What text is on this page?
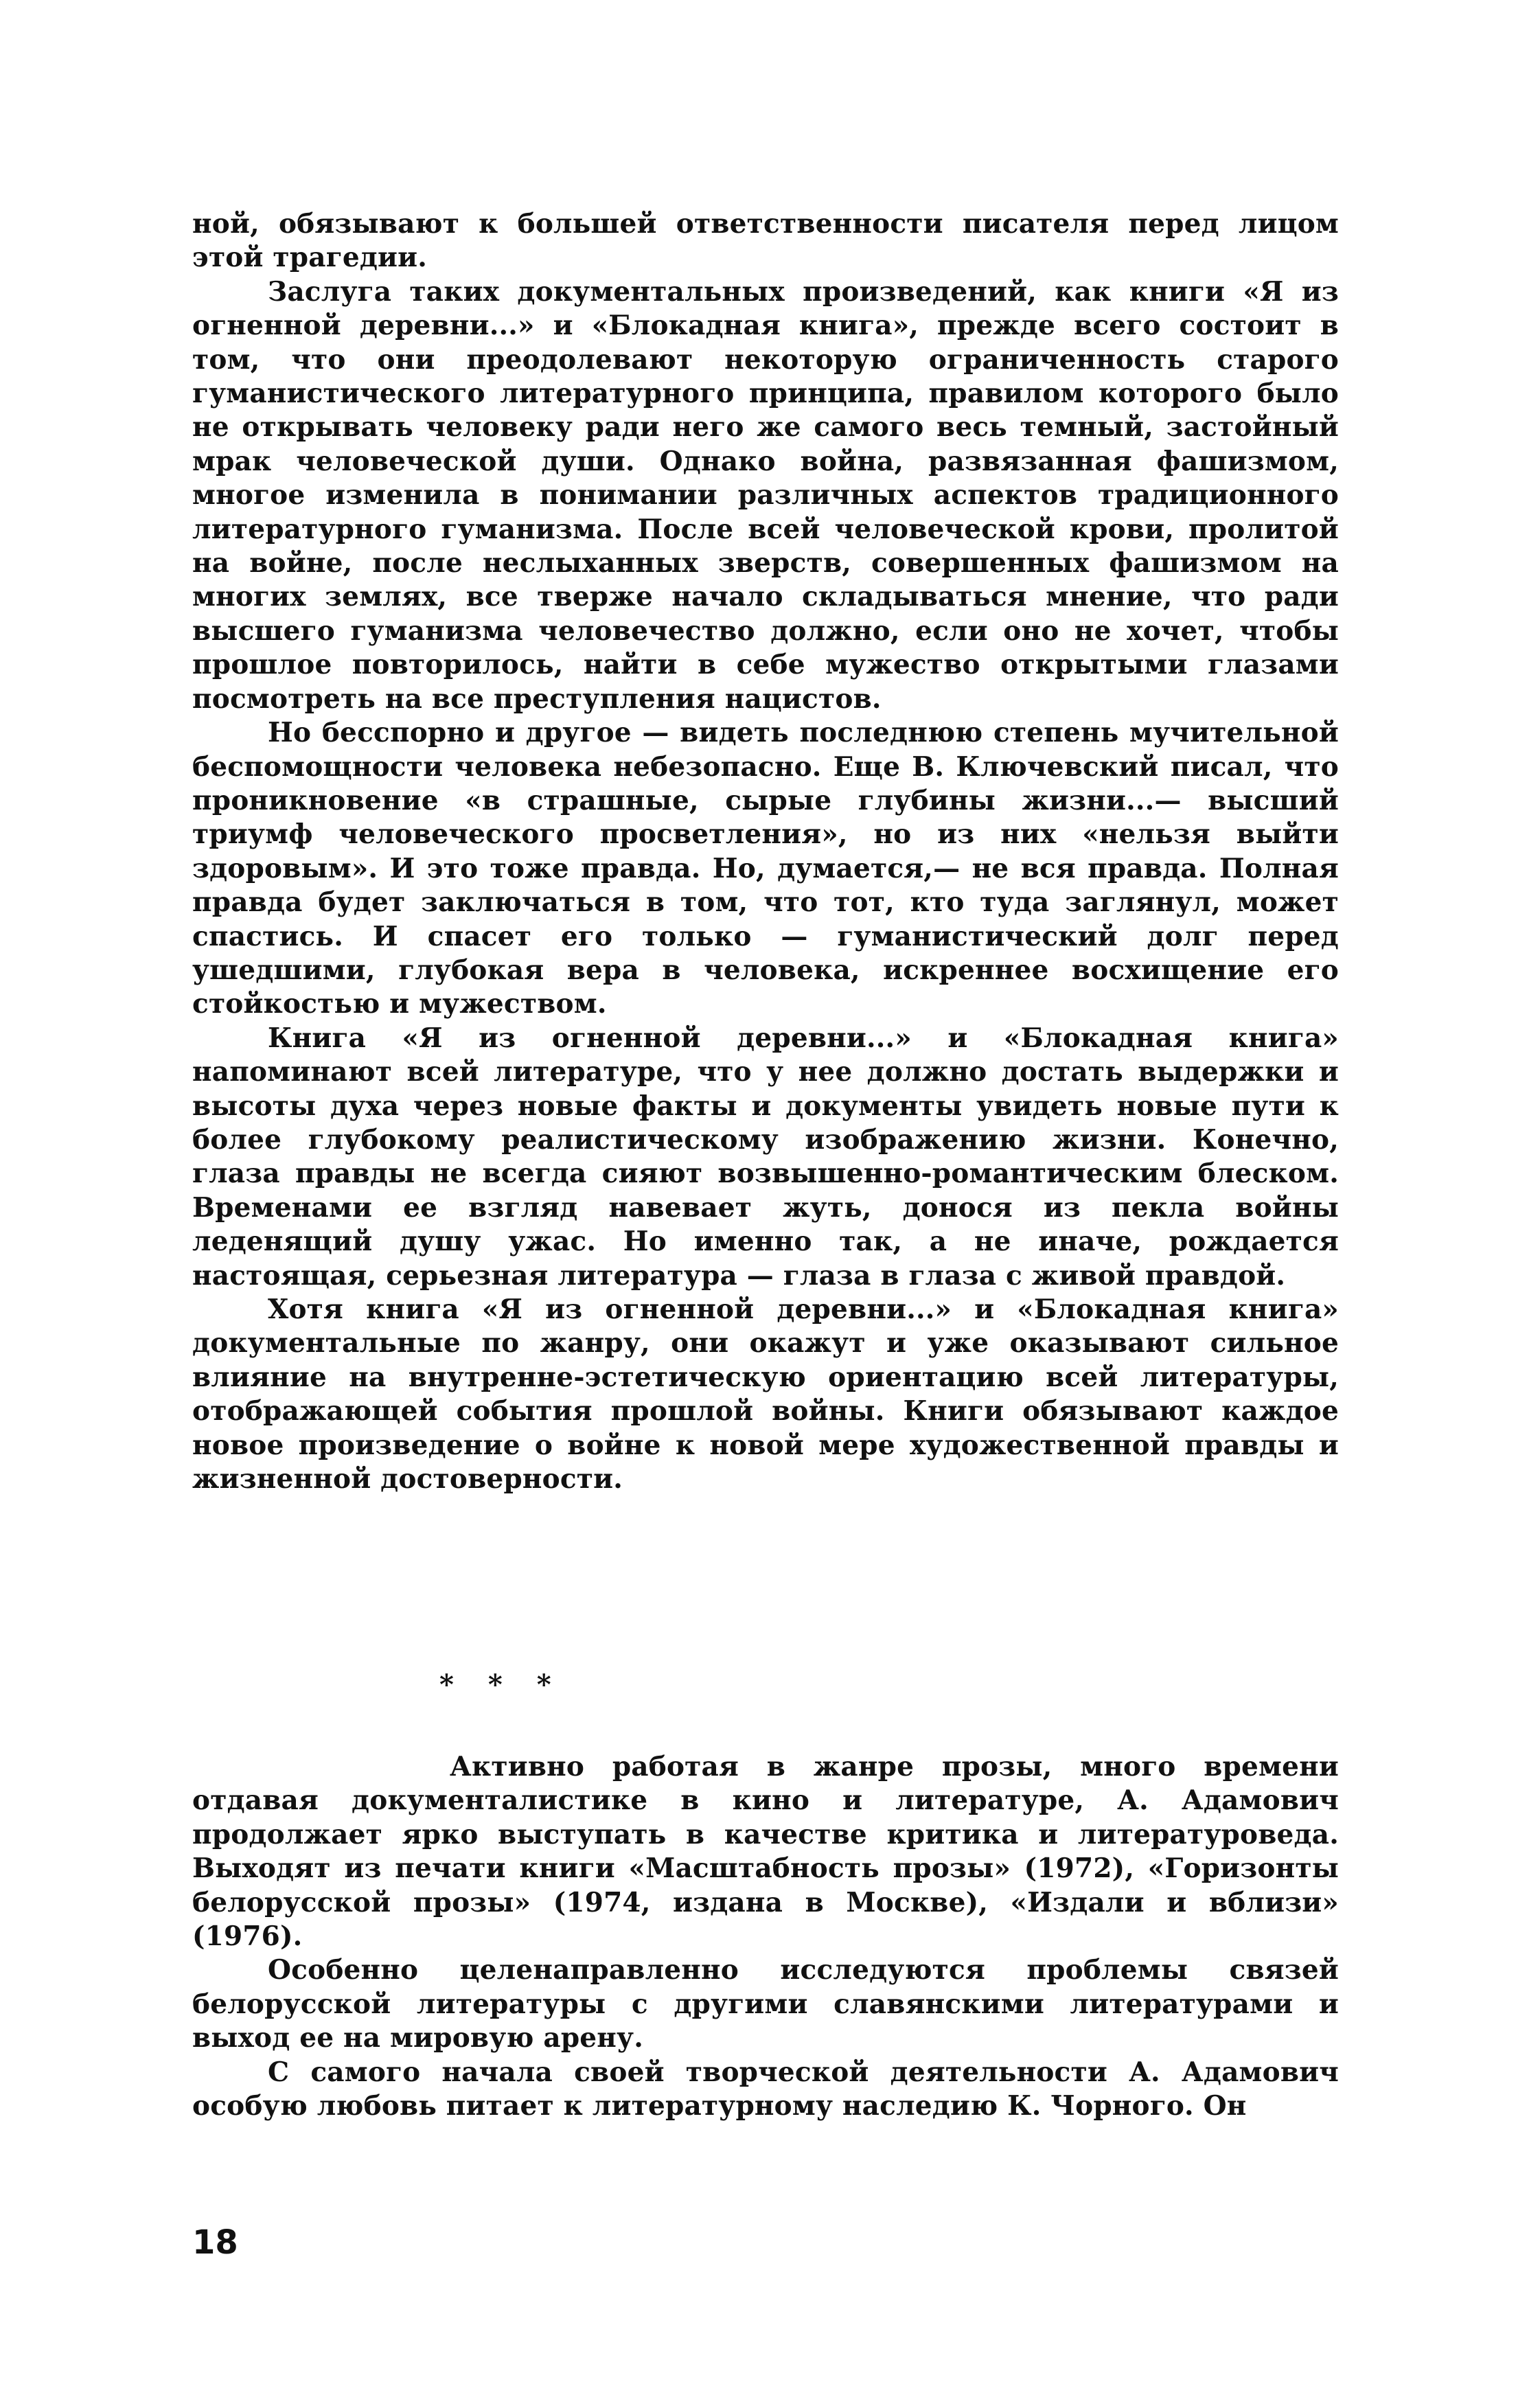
ной, обязывают к большей ответственности писателя перед лицом этой трагедии.

Заслуга таких документальных произведений, как книги «Я из огненной деревни...» и «Блокадная книга», прежде всего состоит в том, что они преодолевают некоторую ограниченность старого гуманистического литературного принципа, правилом которого было не открывать человеку ради него же самого весь темный, застойный мрак человеческой души. Однако война, развязанная фашизмом, многое изменила в понимании различных аспектов традиционного литературного гуманизма. После всей человеческой крови, пролитой на войне, после неслыханных зверств, совершенных фашизмом на многих землях, все тверже начало складываться мнение, что ради высшего гуманизма человечество должно, если оно не хочет, чтобы прошлое повторилось, найти в себе мужество открытыми глазами посмотреть на все преступления нацистов.

Но бесспорно и другое — видеть последнюю степень мучительной беспомощности человека небезопасно. Еще В. Ключевский писал, что проникновение «в страшные, сырые глубины жизни...— высший триумф человеческого просветления», но из них «нельзя выйти здоровым». И это тоже правда. Но, думается,— не вся правда. Полная правда будет заключаться в том, что тот, кто туда заглянул, может спастись. И спасет его только — гуманистический долг перед ушедшими, глубокая вера в человека, искреннее восхищение его стойкостью и мужеством.

Книга «Я из огненной деревни...» и «Блокадная книга» напоминают всей литературе, что у нее должно достать выдержки и высоты духа через новые факты и документы увидеть новые пути к более глубокому реалистическому изображению жизни. Конечно, глаза правды не всегда сияют возвышенно-романтическим блеском. Временами ее взгляд навевает жуть, донося из пекла войны леденящий душу ужас. Но именно так, а не иначе, рождается настоящая, серьезная литература — глаза в глаза с живой правдой.

Хотя книга «Я из огненной деревни...» и «Блокадная книга» документальные по жанру, они окажут и уже оказывают сильное влияние на внутренне-эстетическую ориентацию всей литературы, отображающей события прошлой войны. Книги обязывают каждое новое произведение о войне к новой мере художественной правды и жизненной достоверности.

* * *

Активно работая в жанре прозы, много времени отдавая документалистике в кино и литературе, А. Адамович продолжает ярко выступать в качестве критика и литературоведа. Выходят из печати книги «Масштабность прозы» (1972), «Горизонты белорусской прозы» (1974, издана в Москве), «Издали и вблизи» (1976).

Особенно целенаправленно исследуются проблемы связей белорусской литературы с другими славянскими литературами и выход ее на мировую арену.

С самого начала своей творческой деятельности А. Адамович особую любовь питает к литературному наследию К. Чорного. Он

18
